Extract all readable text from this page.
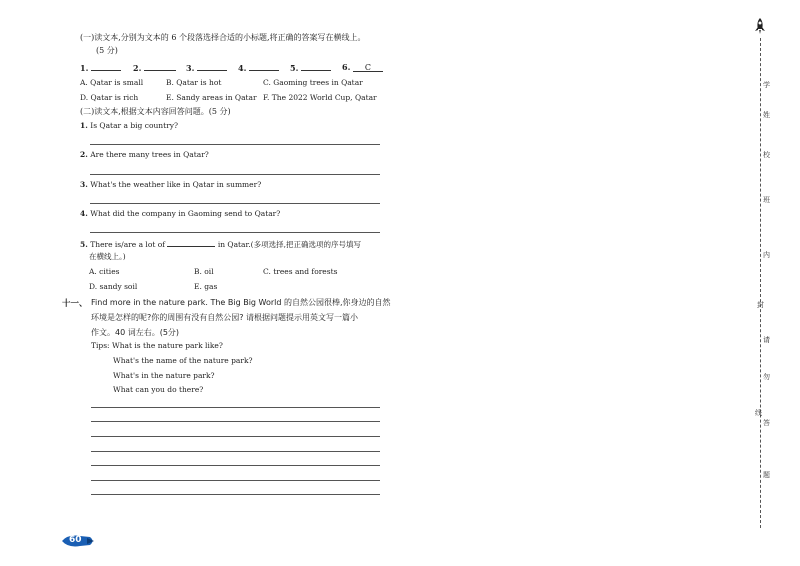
(一)读文本,分别为文本的 6 个段落选择合适的小标题,将正确的答案写在横线上。
(5 分)
1.	2.	3.	4.	5.	6. C
A. Qatar is small	B. Qatar is hot	C. Gaoming trees in Qatar
D. Qatar is rich	E. Sandy areas in Qatar F. The 2022 World Cup, Qatar
(二)读文本,根据文本内容回答问题。(5 分)
1. Is Qatar a big country?
2. Are there many trees in Qatar?
3. What's the weather like in Qatar in summer?
4. What did the company in Gaoming send to Qatar?
5. There is/are a lot of	in Qatar.(多项选择,把正确选项的序号填写
在横线上。)
A. cities	B. oil	C. trees and forests
D. sandy soil	E. gas
十一、 Find more in the nature park. The Big Big World 的自然公园很棒,你身边的自然
环境是怎样的呢?你的周围有没有自然公园? 请根据问题提示用英文写一篇小
作文。40 词左右。(5分)
Tips: What is the nature park like?
What's the name of the nature park?
What's in the nature park?
What can you do there?
60
学
姓
校
班
内
封
请
勿
线
答
题
